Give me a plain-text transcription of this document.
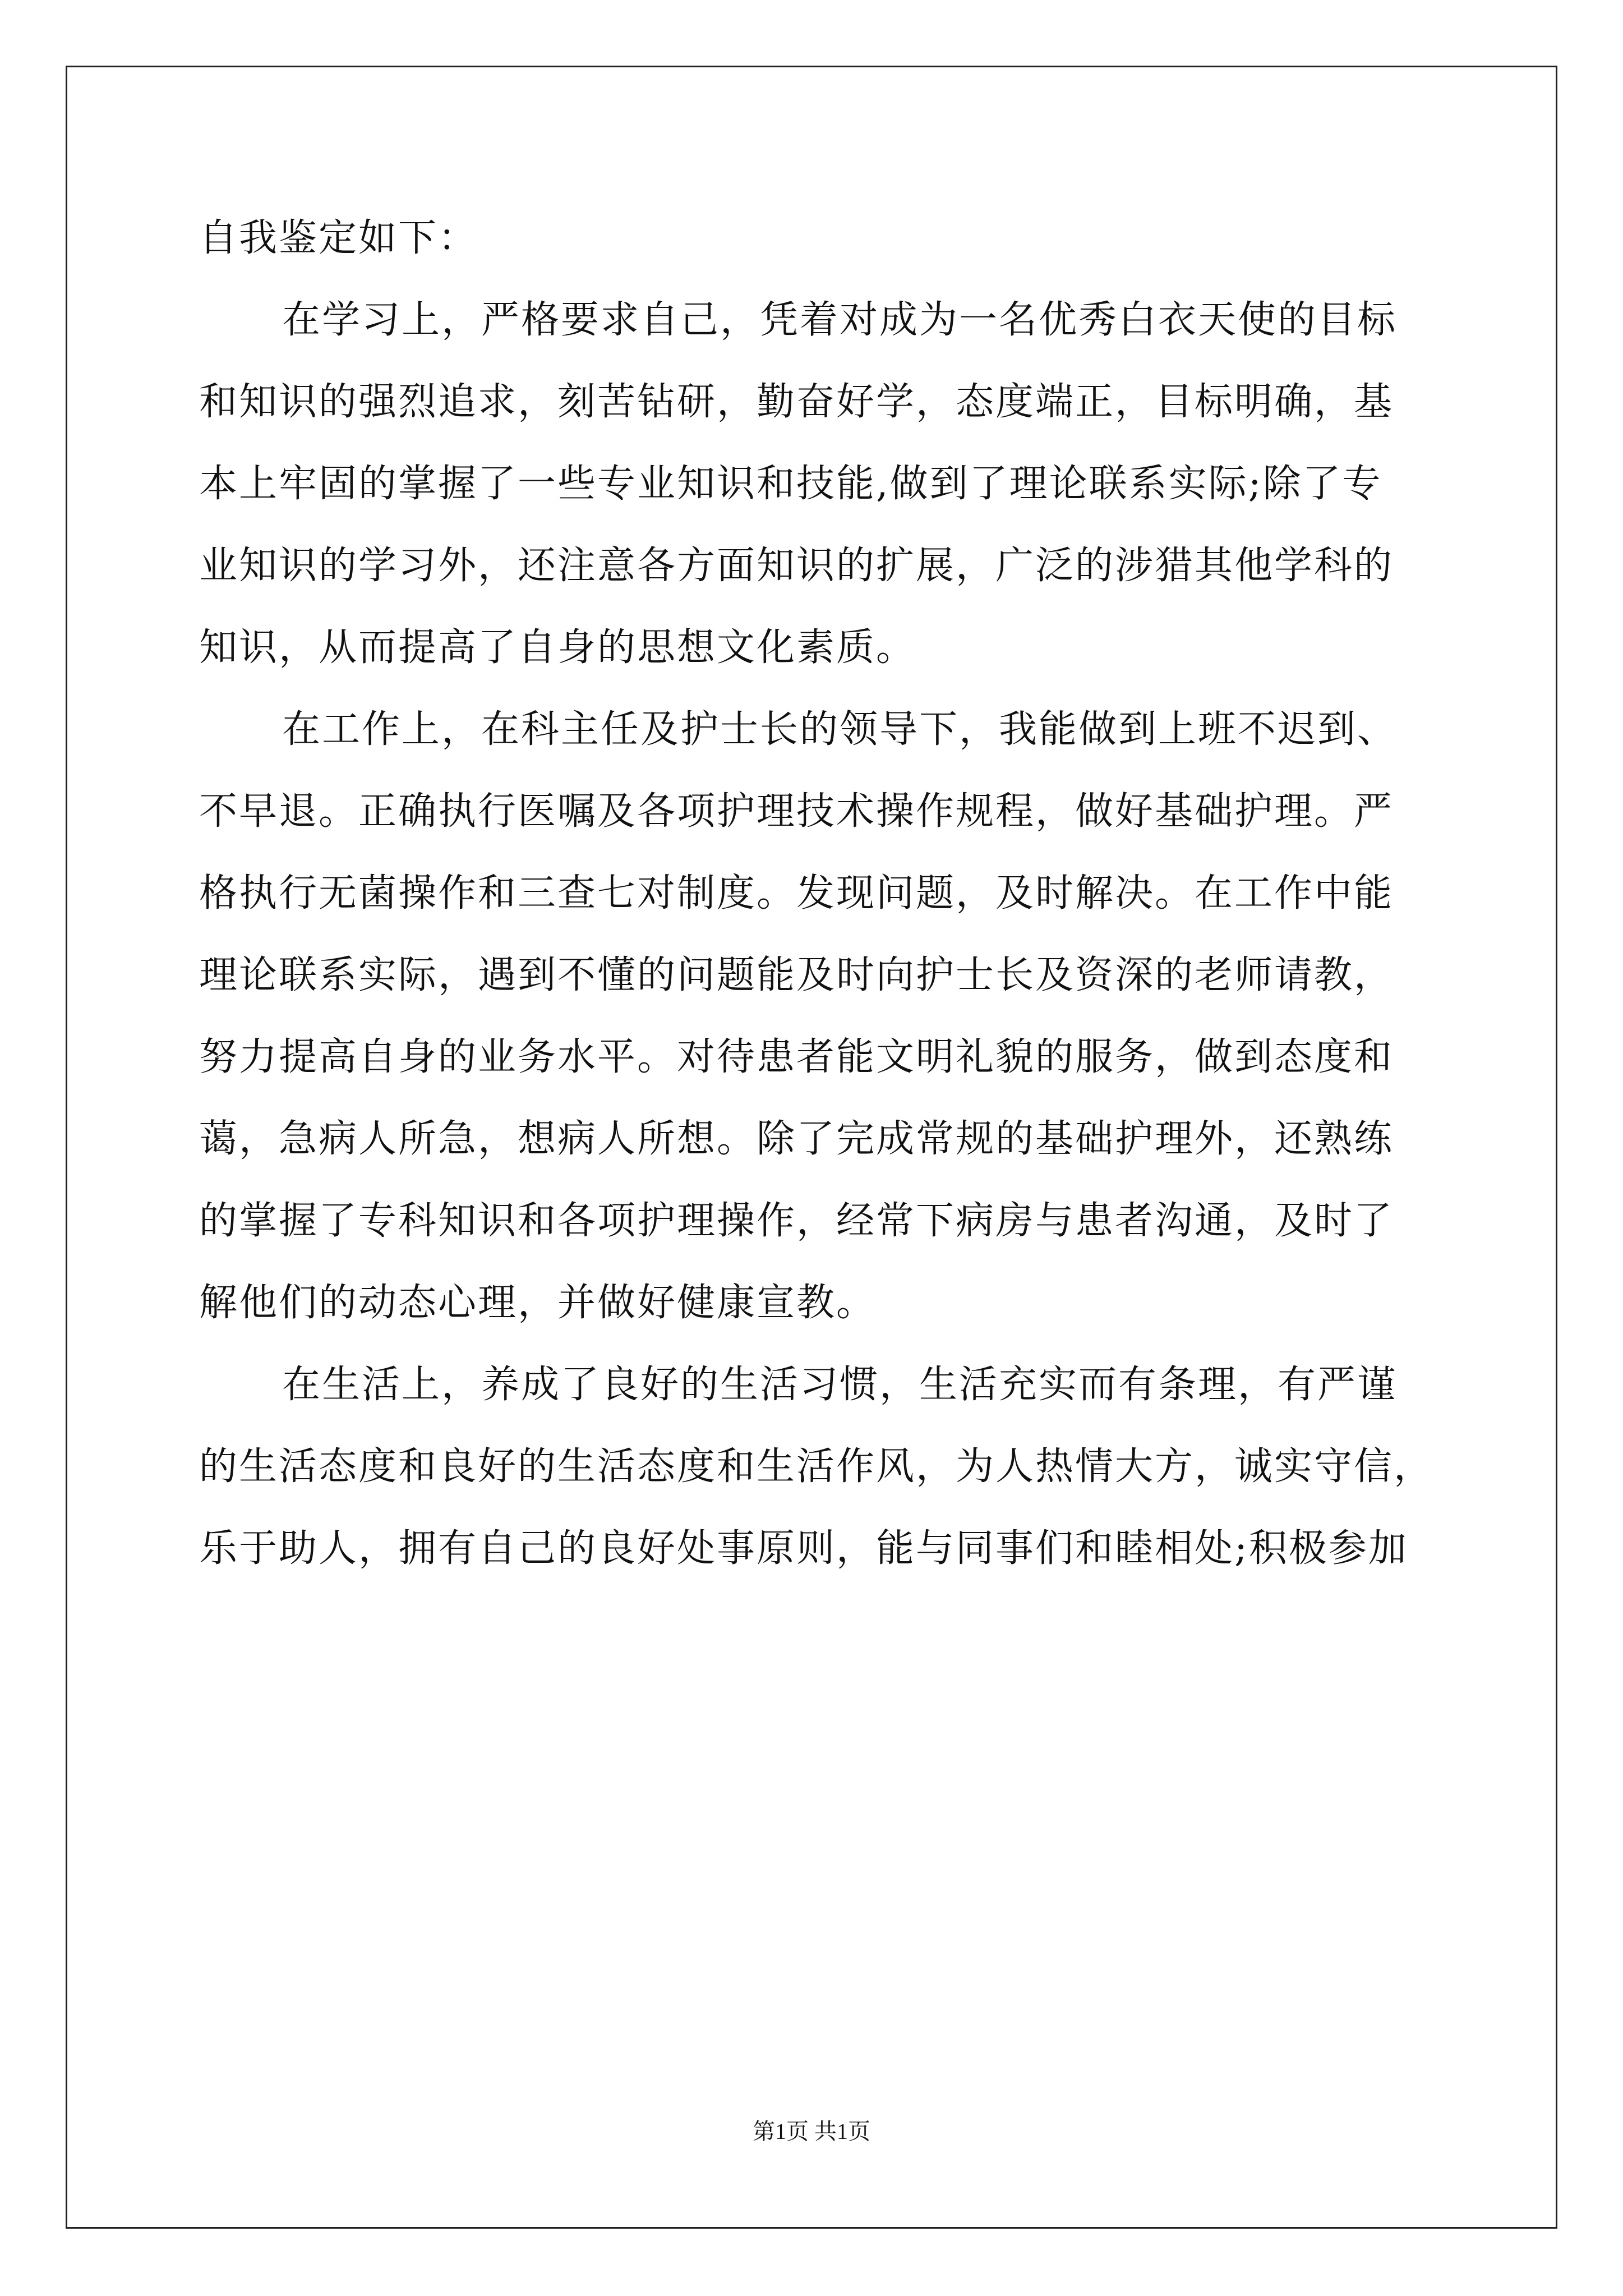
自我鉴定如下：
在学习上，严格要求自己，凭着对成为一名优秀白衣天使的目标
和知识的强烈追求，刻苦钻研，勤奋好学，态度端正，目标明确，基
本上牢固的掌握了一些专业知识和技能,做到了理论联系实际;除了专
业知识的学习外，还注意各方面知识的扩展，广泛的涉猎其他学科的
知识，从而提高了自身的思想文化素质。
在工作上，在科主任及护士长的领导下，我能做到上班不迟到、
不早退。正确执行医嘱及各项护理技术操作规程，做好基础护理。严
格执行无菌操作和三查七对制度。发现问题，及时解决。在工作中能
理论联系实际，遇到不懂的问题能及时向护士长及资深的老师请教，
努力提高自身的业务水平。对待患者能文明礼貌的服务，做到态度和
蔼，急病人所急，想病人所想。除了完成常规的基础护理外，还熟练
的掌握了专科知识和各项护理操作，经常下病房与患者沟通，及时了
解他们的动态心理，并做好健康宣教。
在生活上，养成了良好的生活习惯，生活充实而有条理，有严谨
的生活态度和良好的生活态度和生活作风，为人热情大方，诚实守信，
乐于助人，拥有自己的良好处事原则，能与同事们和睦相处;积极参加
第1页 共1页
